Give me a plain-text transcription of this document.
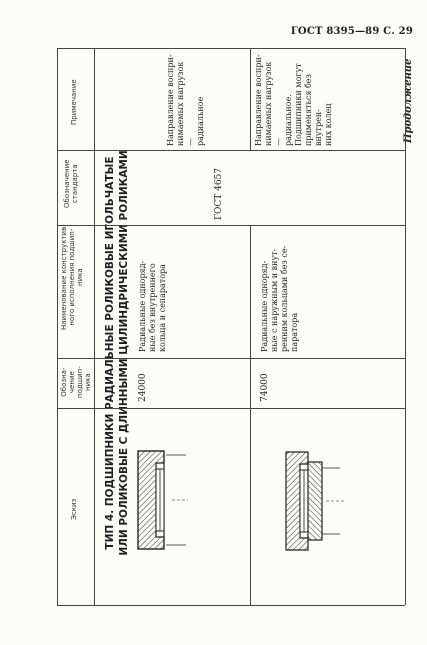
ГОСТ 8395—89 С. 29
Продолжение
ТИП 4. ПОДШИПНИКИ РАДИАЛЬНЫЕ РОЛИКОВЫЕ ИГОЛЬЧАТЫЕ ИЛИ РОЛИКОВЫЕ С ДЛИННЫМИ ЦИЛИНДРИЧЕСКИМИ РОЛИКАМИ
Примечание
Обозначение стандарта
Наименование конструктив- ного исполнения подшип- ника
Обозна- чение подшип- ника
Эскиз
Направление воспри- нимаемых нагрузок — радиальное
ГОСТ 4657
Радиальные одноряд- ные без внутреннего кольца и сепаратора
24000
Направление воспри- нимаемых нагрузок — радиальное. Подшипники могут применяться без внутрен- них колец
Радиальные одноряд- ные с наружным и внут- ренним кольцами без се- паратора
74000
